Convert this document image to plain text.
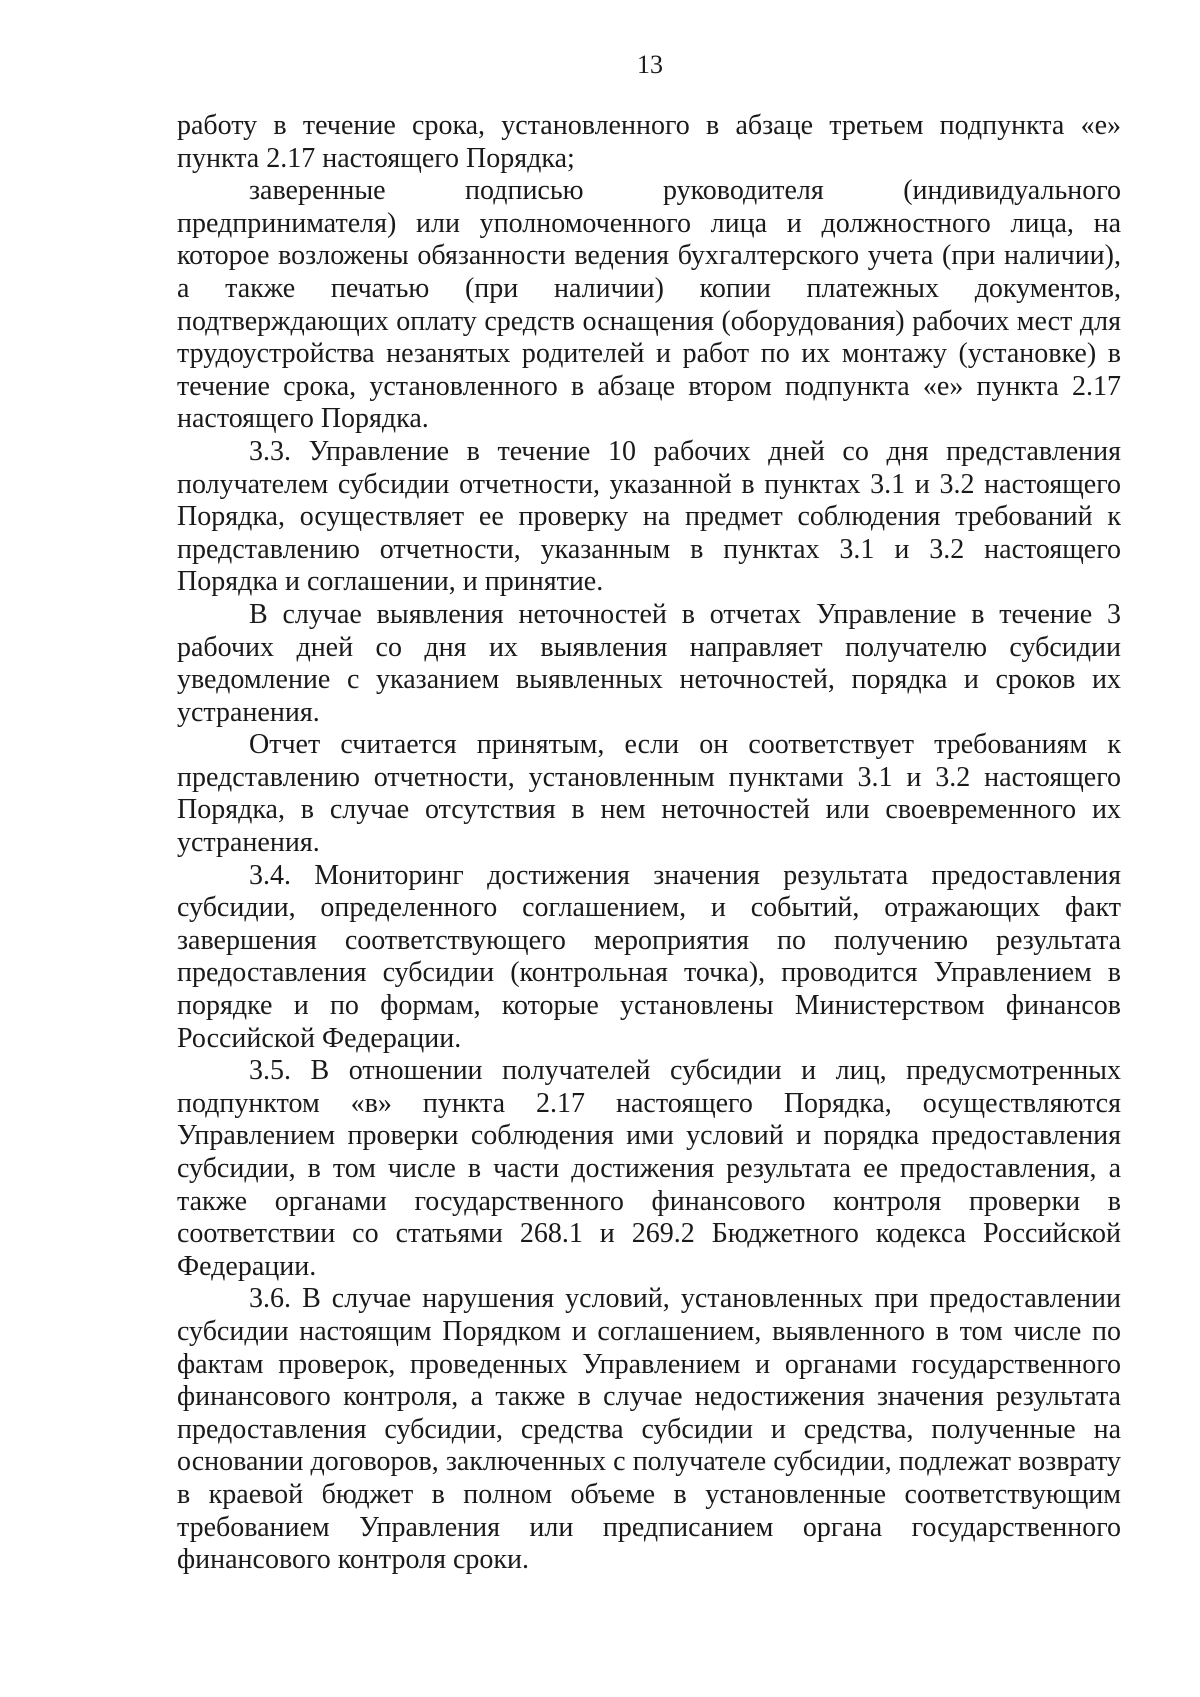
13

работу в течение срока, установленного в абзаце третьем подпункта «е» пункта 2.17 настоящего Порядка;

заверенные подписью руководителя (индивидуального предпринимателя) или уполномоченного лица и должностного лица, на которое возложены обязанности ведения бухгалтерского учета (при наличии), а также печатью (при наличии) копии платежных документов, подтверждающих оплату средств оснащения (оборудования) рабочих мест для трудоустройства незанятых родителей и работ по их монтажу (установке) в течение срока, установленного в абзаце втором подпункта «е» пункта 2.17 настоящего Порядка.

3.3. Управление в течение 10 рабочих дней со дня представления получателем субсидии отчетности, указанной в пунктах 3.1 и 3.2 настоящего Порядка, осуществляет ее проверку на предмет соблюдения требований к представлению отчетности, указанным в пунктах 3.1 и 3.2 настоящего Порядка и соглашении, и принятие.

В случае выявления неточностей в отчетах Управление в течение 3 рабочих дней со дня их выявления направляет получателю субсидии уведомление с указанием выявленных неточностей, порядка и сроков их устранения.

Отчет считается принятым, если он соответствует требованиям к представлению отчетности, установленным пунктами 3.1 и 3.2 настоящего Порядка, в случае отсутствия в нем неточностей или своевременного их устранения.

3.4. Мониторинг достижения значения результата предоставления субсидии, определенного соглашением, и событий, отражающих факт завершения соответствующего мероприятия по получению результата предоставления субсидии (контрольная точка), проводится Управлением в порядке и по формам, которые установлены Министерством финансов Российской Федерации.

3.5. В отношении получателей субсидии и лиц, предусмотренных подпунктом «в» пункта 2.17 настоящего Порядка, осуществляются Управлением проверки соблюдения ими условий и порядка предоставления субсидии, в том числе в части достижения результата ее предоставления, а также органами государственного финансового контроля проверки в соответствии со статьями 268.1 и 269.2 Бюджетного кодекса Российской Федерации.

3.6. В случае нарушения условий, установленных при предоставлении субсидии настоящим Порядком и соглашением, выявленного в том числе по фактам проверок, проведенных Управлением и органами государственного финансового контроля, а также в случае недостижения значения результата предоставления субсидии, средства субсидии и средства, полученные на основании договоров, заключенных с получателе субсидии, подлежат возврату в краевой бюджет в полном объеме в установленные соответствующим требованием Управления или предписанием органа государственного финансового контроля сроки.
